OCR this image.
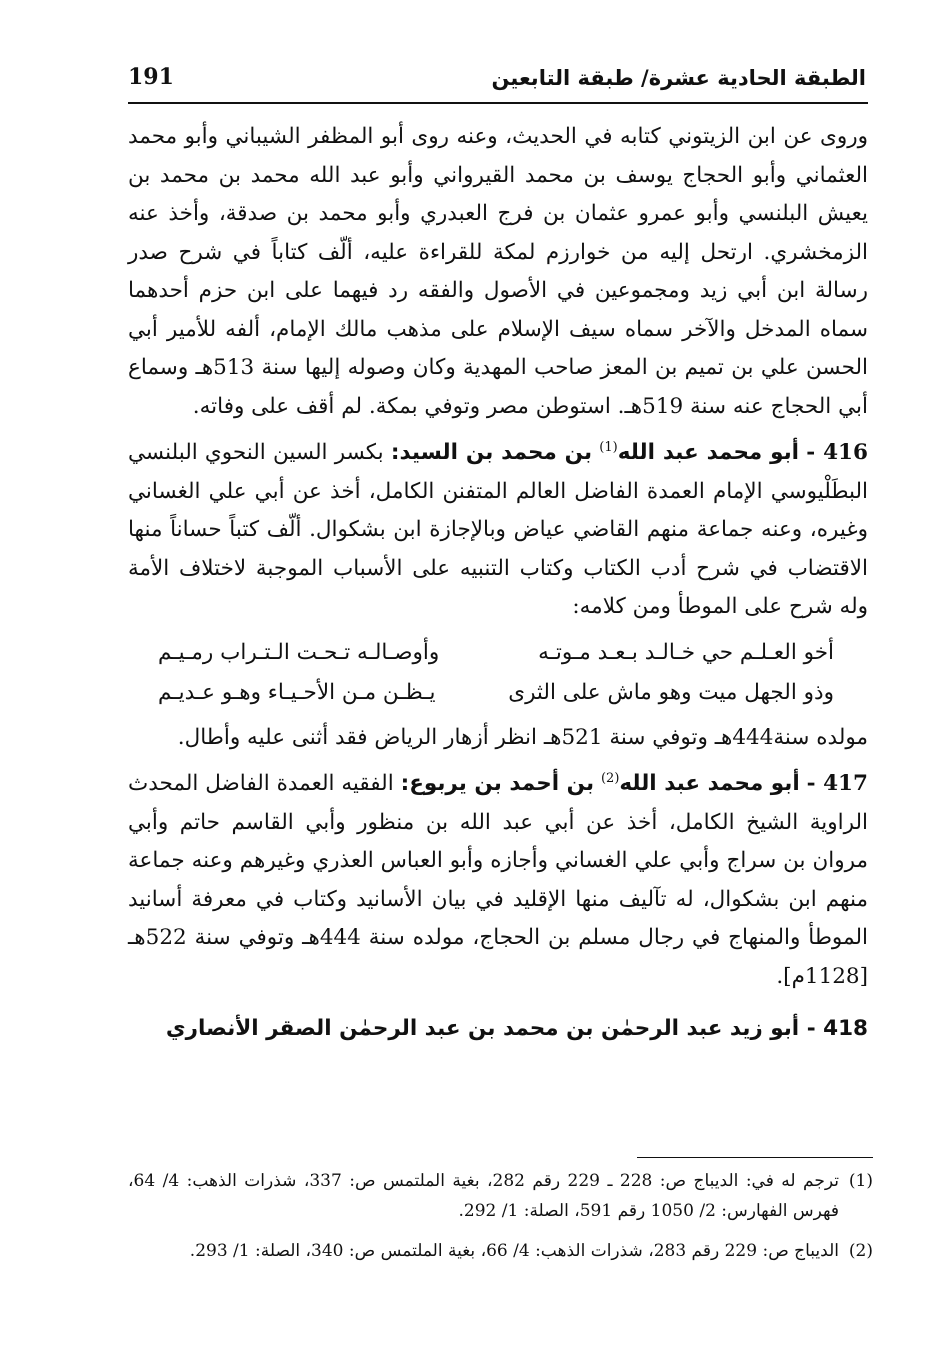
الطبقة الحادية عشرة/ طبقة التابعين
191

وروى عن ابن الزيتوني كتابه في الحديث، وعنه روى أبو المظفر الشيباني وأبو محمد العثماني وأبو الحجاج يوسف بن محمد القيرواني وأبو عبد الله محمد بن محمد بن يعيش البلنسي وأبو عمرو عثمان بن فرج العبدري وأبو محمد بن صدقة، وأخذ عنه الزمخشري. ارتحل إليه من خوارزم لمكة للقراءة عليه، ألّف كتاباً في شرح صدر رسالة ابن أبي زيد ومجموعين في الأصول والفقه رد فيهما على ابن حزم أحدهما سماه المدخل والآخر سماه سيف الإسلام على مذهب مالك الإمام، ألفه للأمير أبي الحسن علي بن تميم بن المعز صاحب المهدية وكان وصوله إليها سنة 513هـ وسماع أبي الحجاج عنه سنة 519هـ. استوطن مصر وتوفي بمكة. لم أقف على وفاته.

416 - أبو محمد عبد الله$^{(1)}$ بن محمد بن السيد: بكسر السين النحوي البلنسي البطَلْيوسي الإمام العمدة الفاضل العالم المتفنن الكامل، أخذ عن أبي علي الغساني وغيره، وعنه جماعة منهم القاضي عياض وبالإجازة ابن بشكوال. ألّف كتباً حساناً منها الاقتضاب في شرح أدب الكتاب وكتاب التنبيه على الأسباب الموجبة لاختلاف الأمة وله شرح على الموطأ ومن كلامه:

أخو العـلـم حي خـالـد بـعـد مـوتـه
وأوصـالـه تـحـت الـتـراب رمـيـم
وذو الجهل ميت وهو ماش على الثرى
يـظـن مـن الأحـيـاء وهـو عـديـم

مولده سنة444هـ وتوفي سنة 521هـ انظر أزهار الرياض فقد أثنى عليه وأطال.

417 - أبو محمد عبد الله$^{(2)}$ بن أحمد بن يربوع: الفقيه العمدة الفاضل المحدث الراوية الشيخ الكامل، أخذ عن أبي عبد الله بن منظور وأبي القاسم حاتم وأبي مروان بن سراج وأبي علي الغساني وأجازه وأبو العباس العذري وغيرهم وعنه جماعة منهم ابن بشكوال، له تآليف منها الإقليد في بيان الأسانيد وكتاب في معرفة أسانيد الموطأ والمنهاج في رجال مسلم بن الحجاج، مولده سنة 444هـ وتوفي سنة 522هـ [1128م].

418 - أبو زيد عبد الرحمٰن بن محمد بن عبد الرحمٰن الصقر الأنصاري

(1)
ترجم له في: الديباج ص: 228 ـ 229 رقم 282، بغية الملتمس ص: 337، شذرات الذهب: 4/ 64، فهرس الفهارس: 2/ 1050 رقم 591، الصلة: 1/ 292.
(2)
الديباج ص: 229 رقم 283، شذرات الذهب: 4/ 66، بغية الملتمس ص: 340، الصلة: 1/ 293.
